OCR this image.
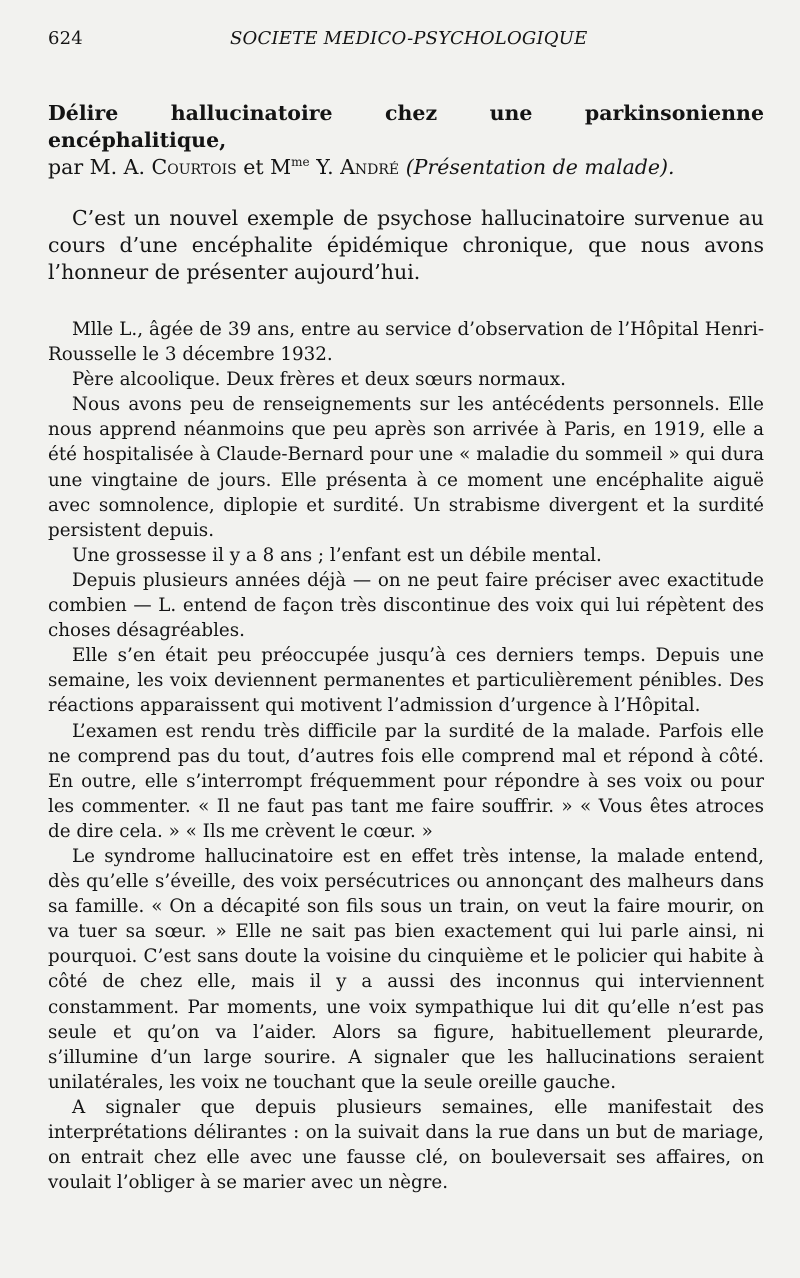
624	SOCIETE MEDICO-PSYCHOLOGIQUE
Délire hallucinatoire chez une parkinsonienne encéphalitique,
par M. A. Courtois et $M^{me}$ Y. André (Présentation de malade).

C’est un nouvel exemple de psychose hallucinatoire survenue au cours d’une encéphalite épidémique chronique, que nous avons l’honneur de présenter aujourd’hui.

Mlle L., âgée de 39 ans, entre au service d’observation de l’Hôpital Henri-Rousselle le 3 décembre 1932.

Père alcoolique. Deux frères et deux sœurs normaux.

Nous avons peu de renseignements sur les antécédents personnels. Elle nous apprend néanmoins que peu après son arrivée à Paris, en 1919, elle a été hospitalisée à Claude-Bernard pour une « maladie du sommeil » qui dura une vingtaine de jours. Elle présenta à ce moment une encéphalite aiguë avec somnolence, diplopie et surdité. Un strabisme divergent et la surdité persistent depuis.

Une grossesse il y a 8 ans ; l’enfant est un débile mental.

Depuis plusieurs années déjà — on ne peut faire préciser avec exactitude combien — L. entend de façon très discontinue des voix qui lui répètent des choses désagréables.

Elle s’en était peu préoccupée jusqu’à ces derniers temps. Depuis une semaine, les voix deviennent permanentes et particulièrement pénibles. Des réactions apparaissent qui motivent l’admission d’urgence à l’Hôpital.

L’examen est rendu très difficile par la surdité de la malade. Parfois elle ne comprend pas du tout, d’autres fois elle comprend mal et répond à côté. En outre, elle s’interrompt fréquemment pour répondre à ses voix ou pour les commenter. « Il ne faut pas tant me faire souffrir. » « Vous êtes atroces de dire cela. » « Ils me crèvent le cœur. »

Le syndrome hallucinatoire est en effet très intense, la malade entend, dès qu’elle s’éveille, des voix persécutrices ou annonçant des malheurs dans sa famille. « On a décapité son fils sous un train, on veut la faire mourir, on va tuer sa sœur. » Elle ne sait pas bien exactement qui lui parle ainsi, ni pourquoi. C’est sans doute la voisine du cinquième et le policier qui habite à côté de chez elle, mais il y a aussi des inconnus qui interviennent constamment. Par moments, une voix sympathique lui dit qu’elle n’est pas seule et qu’on va l’aider. Alors sa figure, habituellement pleurarde, s’illumine d’un large sourire. A signaler que les hallucinations seraient unilatérales, les voix ne touchant que la seule oreille gauche.

A signaler que depuis plusieurs semaines, elle manifestait des interprétations délirantes : on la suivait dans la rue dans un but de mariage, on entrait chez elle avec une fausse clé, on bouleversait ses affaires, on voulait l’obliger à se marier avec un nègre.
